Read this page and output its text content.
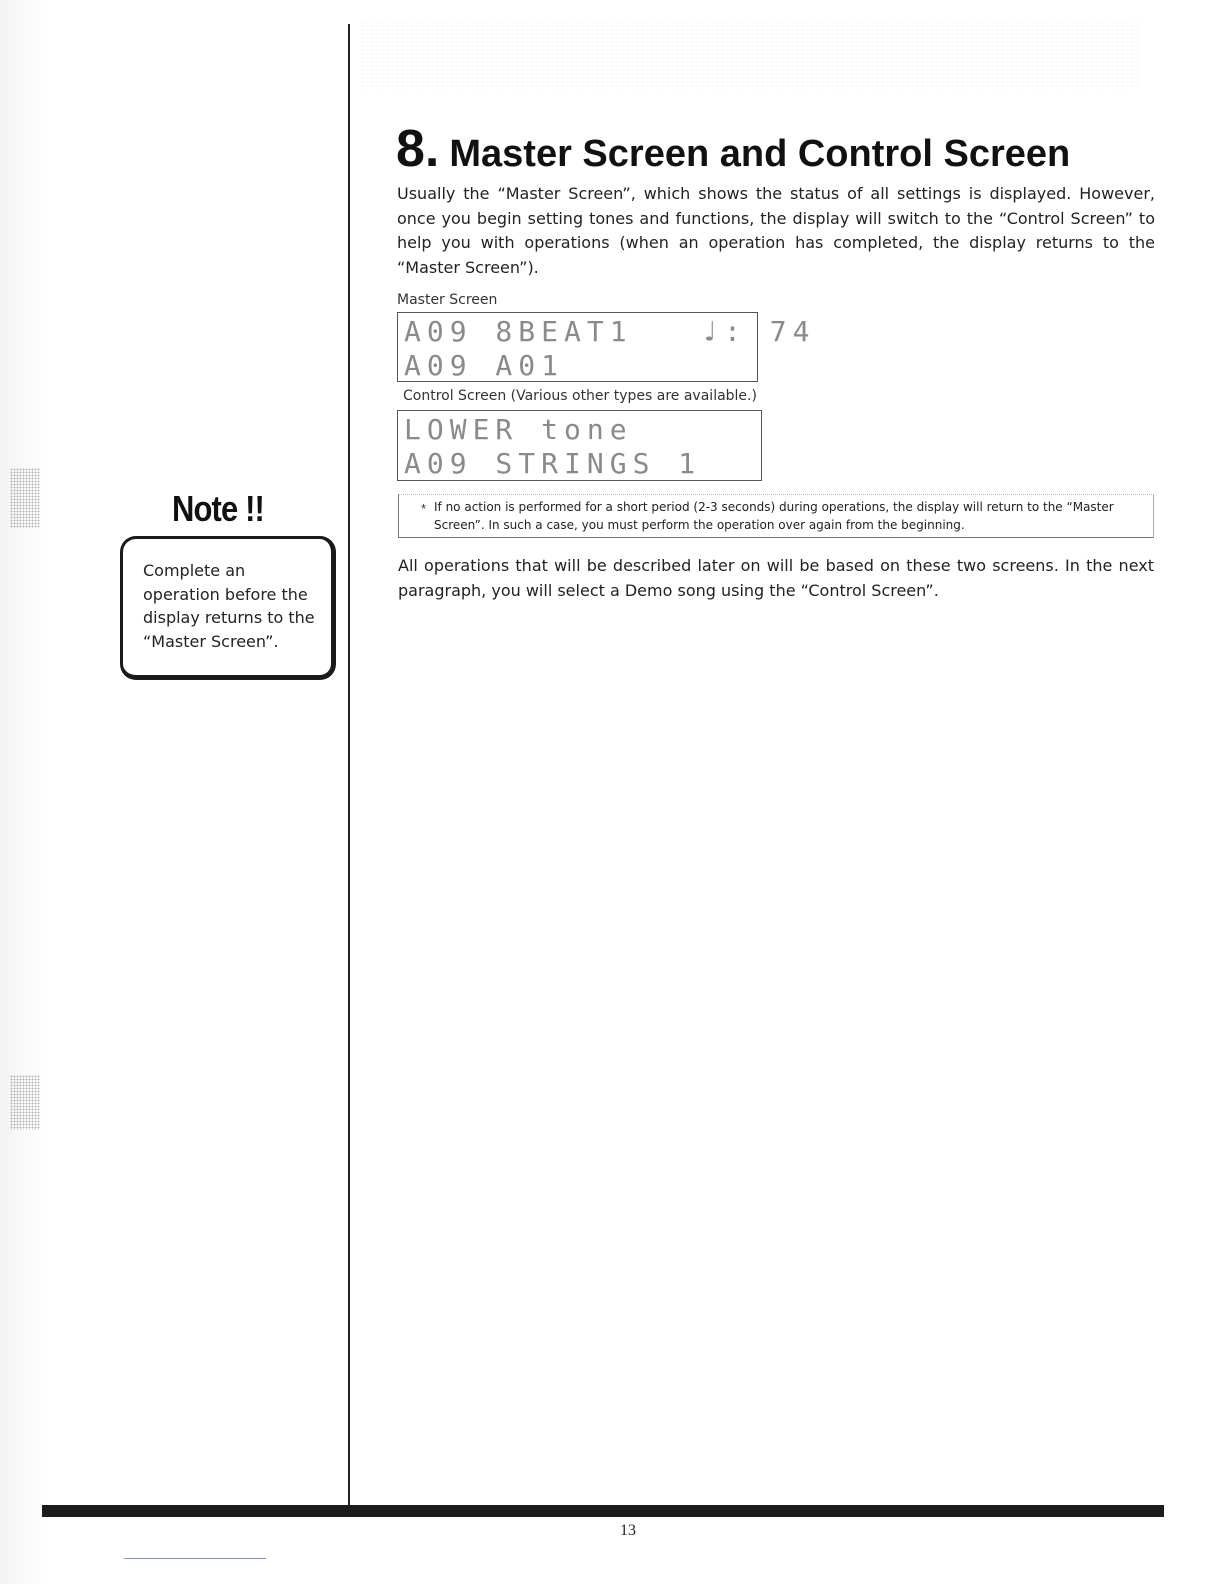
8. Master Screen and Control Screen

Usually the “Master Screen”, which shows the status of all settings is displayed. However, once you begin setting tones and functions, the display will switch to the “Control Screen” to help you with operations (when an operation has completed, the display returns to the “Master Screen”).

Master Screen
A09 8BEAT1   ♩: 74
A09 A01
Control Screen (Various other types are available.)
LOWER tone
A09 STRINGS 1
* If no action is performed for a short period (2-3 seconds) during operations, the display will return to the “Master Screen”. In such a case, you must perform the operation over again from the beginning.

All operations that will be described later on will be based on these two screens. In the next paragraph, you will select a Demo song using the “Control Screen”.

Note !!

Complete an operation before the display returns to the “Master Screen”.

13
